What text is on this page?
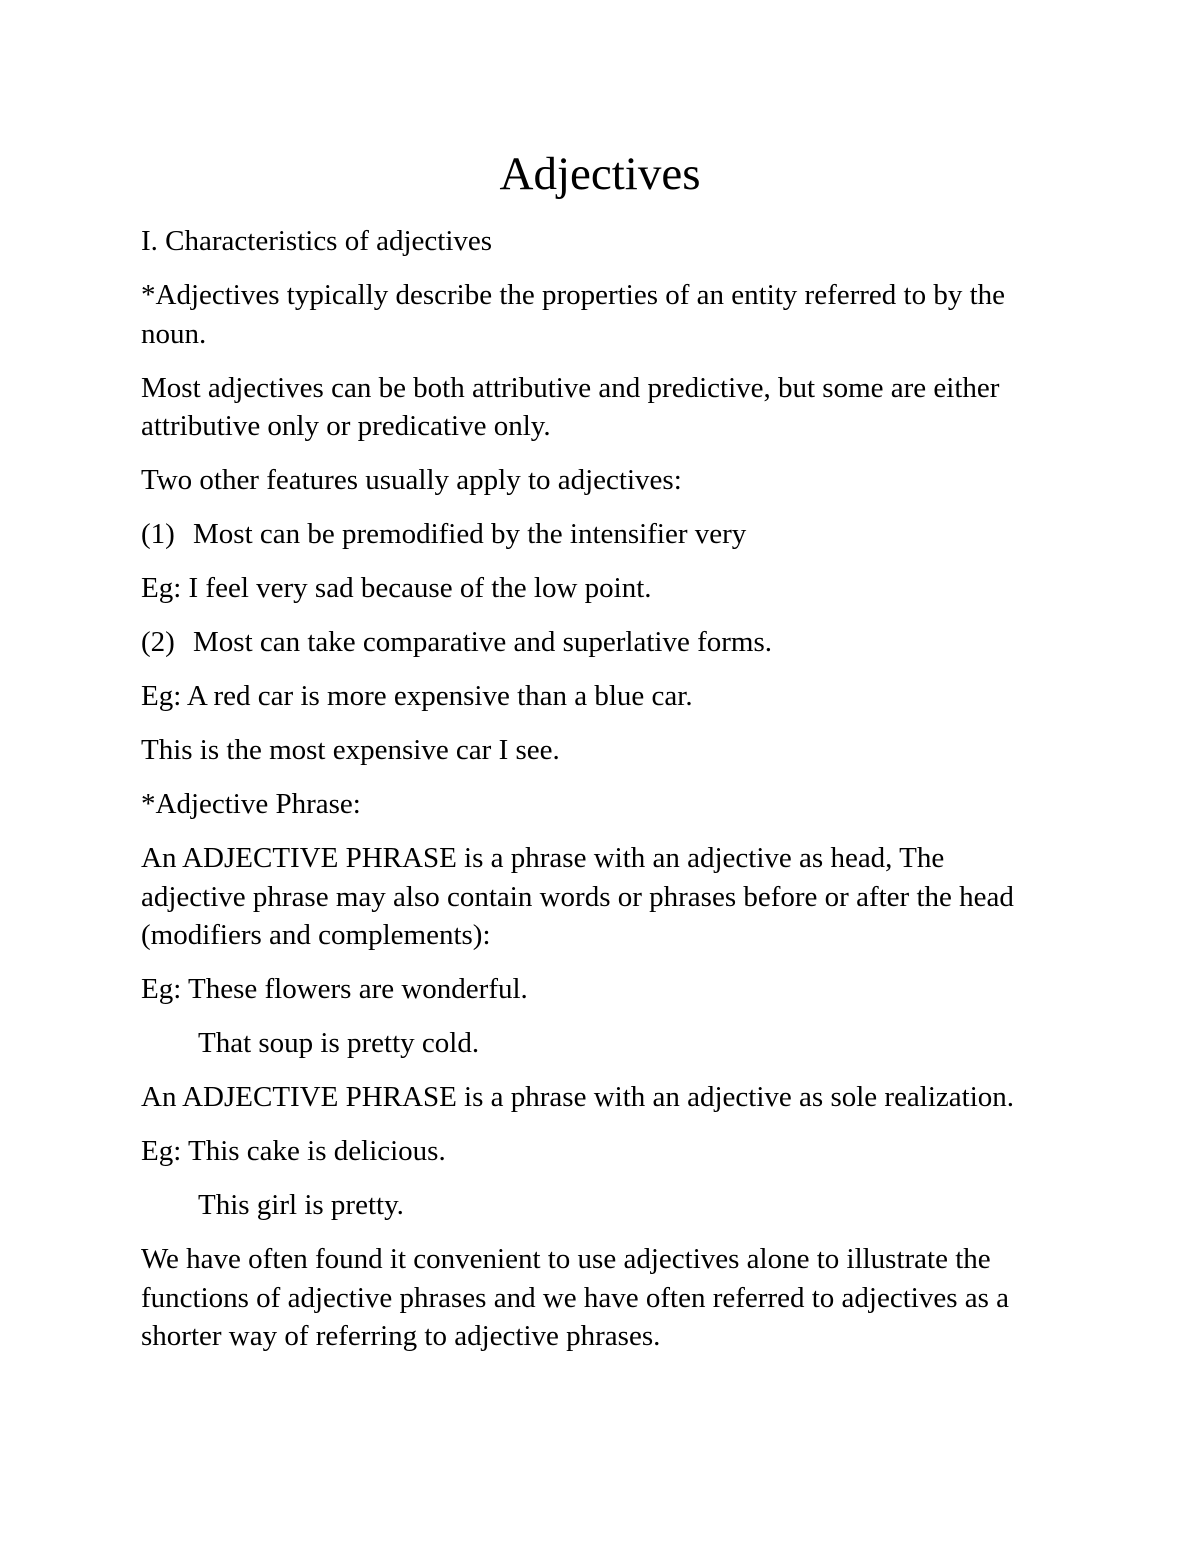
Adjectives

I. Characteristics of adjectives

*Adjectives typically describe the properties of an entity referred to by the noun.

Most adjectives can be both attributive and predictive, but some are either attributive only or predicative only.

Two other features usually apply to adjectives:

(1) Most can be premodified by the intensifier very

Eg: I feel very sad because of the low point.

(2) Most can take comparative and superlative forms.

Eg: A red car is more expensive than a blue car.

This is the most expensive car I see.

*Adjective Phrase:

An ADJECTIVE PHRASE is a phrase with an adjective as head, The adjective phrase may also contain words or phrases before or after the head (modifiers and complements):

Eg: These flowers are wonderful.

That soup is pretty cold.

An ADJECTIVE PHRASE is a phrase with an adjective as sole realization.

Eg: This cake is delicious.

This girl is pretty.

We have often found it convenient to use adjectives alone to illustrate the functions of adjective phrases and we have often referred to adjectives as a shorter way of referring to adjective phrases.
